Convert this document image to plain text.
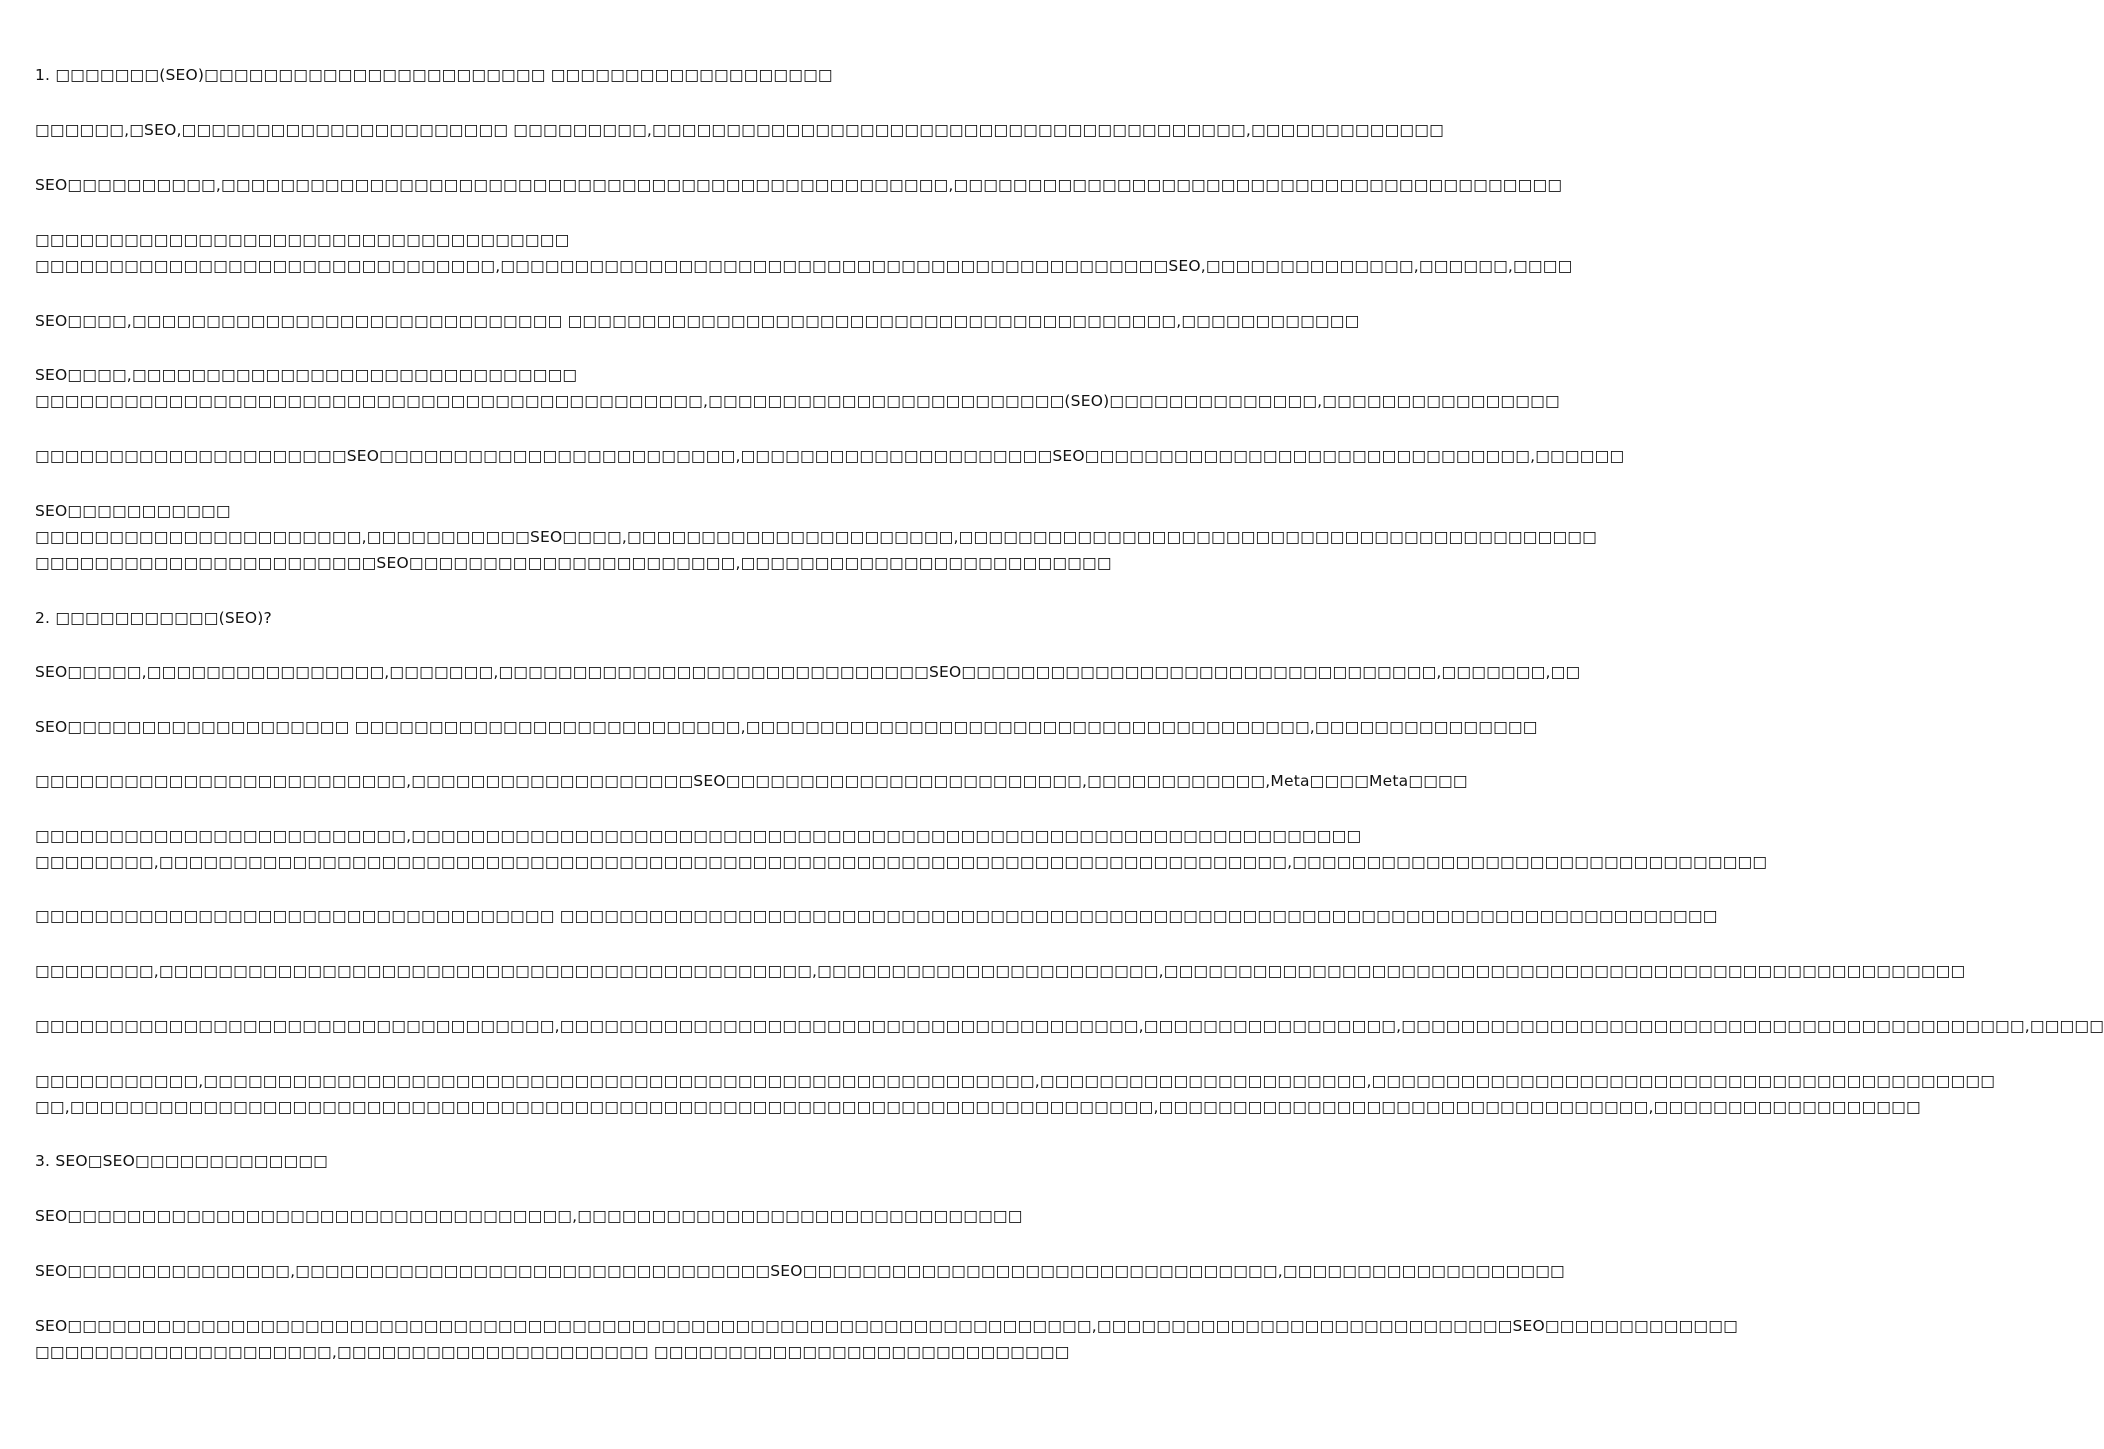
1. □□□□□□□(SEO)□□□□□□□□□□□□□□□□□□□□□□□ □□□□□□□□□□□□□□□□□□□
□□□□□□,□SEO,□□□□□□□□□□□□□□□□□□□□□□ □□□□□□□□□,□□□□□□□□□□□□□□□□□□□□□□□□□□□□□□□□□□□□□□□□,□□□□□□□□□□□□□
SEO□□□□□□□□□□,□□□□□□□□□□□□□□□□□□□□□□□□□□□□□□□□□□□□□□□□□□□□□□□□□,□□□□□□□□□□□□□□□□□□□□□□□□□□□□□□□□□□□□□□□□□
□□□□□□□□□□□□□□□□□□□□□□□□□□□□□□□□□□□□
□□□□□□□□□□□□□□□□□□□□□□□□□□□□□□□,□□□□□□□□□□□□□□□□□□□□□□□□□□□□□□□□□□□□□□□□□□□□□SEO,□□□□□□□□□□□□□□,□□□□□□,□□□□
SEO□□□□,□□□□□□□□□□□□□□□□□□□□□□□□□□□□□ □□□□□□□□□□□□□□□□□□□□□□□□□□□□□□□□□□□□□□□□□,□□□□□□□□□□□□
SEO□□□□,□□□□□□□□□□□□□□□□□□□□□□□□□□□□□□
□□□□□□□□□□□□□□□□□□□□□□□□□□□□□□□□□□□□□□□□□□□□□,□□□□□□□□□□□□□□□□□□□□□□□□(SEO)□□□□□□□□□□□□□□,□□□□□□□□□□□□□□□□
□□□□□□□□□□□□□□□□□□□□□SEO□□□□□□□□□□□□□□□□□□□□□□□□,□□□□□□□□□□□□□□□□□□□□□SEO□□□□□□□□□□□□□□□□□□□□□□□□□□□□□□,□□□□□□
SEO□□□□□□□□□□□
□□□□□□□□□□□□□□□□□□□□□□,□□□□□□□□□□□SEO□□□□,□□□□□□□□□□□□□□□□□□□□□□,□□□□□□□□□□□□□□□□□□□□□□□□□□□□□□□□□□□□□□□□□□□
□□□□□□□□□□□□□□□□□□□□□□□SEO□□□□□□□□□□□□□□□□□□□□□□,□□□□□□□□□□□□□□□□□□□□□□□□□
2. □□□□□□□□□□□(SEO)?
SEO□□□□□,□□□□□□□□□□□□□□□□,□□□□□□□,□□□□□□□□□□□□□□□□□□□□□□□□□□□□□SEO□□□□□□□□□□□□□□□□□□□□□□□□□□□□□□□□,□□□□□□□,□□
SEO□□□□□□□□□□□□□□□□□□□ □□□□□□□□□□□□□□□□□□□□□□□□□□,□□□□□□□□□□□□□□□□□□□□□□□□□□□□□□□□□□□□□□,□□□□□□□□□□□□□□□
□□□□□□□□□□□□□□□□□□□□□□□□□,□□□□□□□□□□□□□□□□□□□SEO□□□□□□□□□□□□□□□□□□□□□□□□,□□□□□□□□□□□□,Meta□□□□Meta□□□□
□□□□□□□□□□□□□□□□□□□□□□□□□,□□□□□□□□□□□□□□□□□□□□□□□□□□□□□□□□□□□□□□□□□□□□□□□□□□□□□□□□□□□□□□□□
□□□□□□□□,□□□□□□□□□□□□□□□□□□□□□□□□□□□□□□□□□□□□□□□□□□□□□□□□□□□□□□□□□□□□□□□□□□□□□□□□□□□□,□□□□□□□□□□□□□□□□□□□□□□□□□□□□□□□□
□□□□□□□□□□□□□□□□□□□□□□□□□□□□□□□□□□□ □□□□□□□□□□□□□□□□□□□□□□□□□□□□□□□□□□□□□□□□□□□□□□□□□□□□□□□□□□□□□□□□□□□□□□□□□□□□□□
□□□□□□□□,□□□□□□□□□□□□□□□□□□□□□□□□□□□□□□□□□□□□□□□□□□□□,□□□□□□□□□□□□□□□□□□□□□□□,□□□□□□□□□□□□□□□□□□□□□□□□□□□□□□□□□□□□□□□□□□□□□□□□□□□□□□
□□□□□□□□□□□□□□□□□□□□□□□□□□□□□□□□□□□,□□□□□□□□□□□□□□□□□□□□□□□□□□□□□□□□□□□□□□□,□□□□□□□□□□□□□□□□□,□□□□□□□□□□□□□□□□□□□□□□□□□□□□□□□□□□□□□□□□□□,□□□□□
□□□□□□□□□□□,□□□□□□□□□□□□□□□□□□□□□□□□□□□□□□□□□□□□□□□□□□□□□□□□□□□□□□□□,□□□□□□□□□□□□□□□□□□□□□□,□□□□□□□□□□□□□□□□□□□□□□□□□□□□□□□□□□□□□□□□□□
□□,□□□□□□□□□□□□□□□□□□□□□□□□□□□□□□□□□□□□□□□□□□□□□□□□□□□□□□□□□□□□□□□□□□□□□□□□□,□□□□□□□□□□□□□□□□□□□□□□□□□□□□□□□□□,□□□□□□□□□□□□□□□□□□
3. SEO□SEO□□□□□□□□□□□□□
SEO□□□□□□□□□□□□□□□□□□□□□□□□□□□□□□□□□□,□□□□□□□□□□□□□□□□□□□□□□□□□□□□□□
SEO□□□□□□□□□□□□□□□,□□□□□□□□□□□□□□□□□□□□□□□□□□□□□□□□SEO□□□□□□□□□□□□□□□□□□□□□□□□□□□□□□□□,□□□□□□□□□□□□□□□□□□□
SEO□□□□□□□□□□□□□□□□□□□□□□□□□□□□□□□□□□□□□□□□□□□□□□□□□□□□□□□□□□□□□□□□□□□□□,□□□□□□□□□□□□□□□□□□□□□□□□□□□□SEO□□□□□□□□□□□□□
□□□□□□□□□□□□□□□□□□□□,□□□□□□□□□□□□□□□□□□□□□ □□□□□□□□□□□□□□□□□□□□□□□□□□□□
